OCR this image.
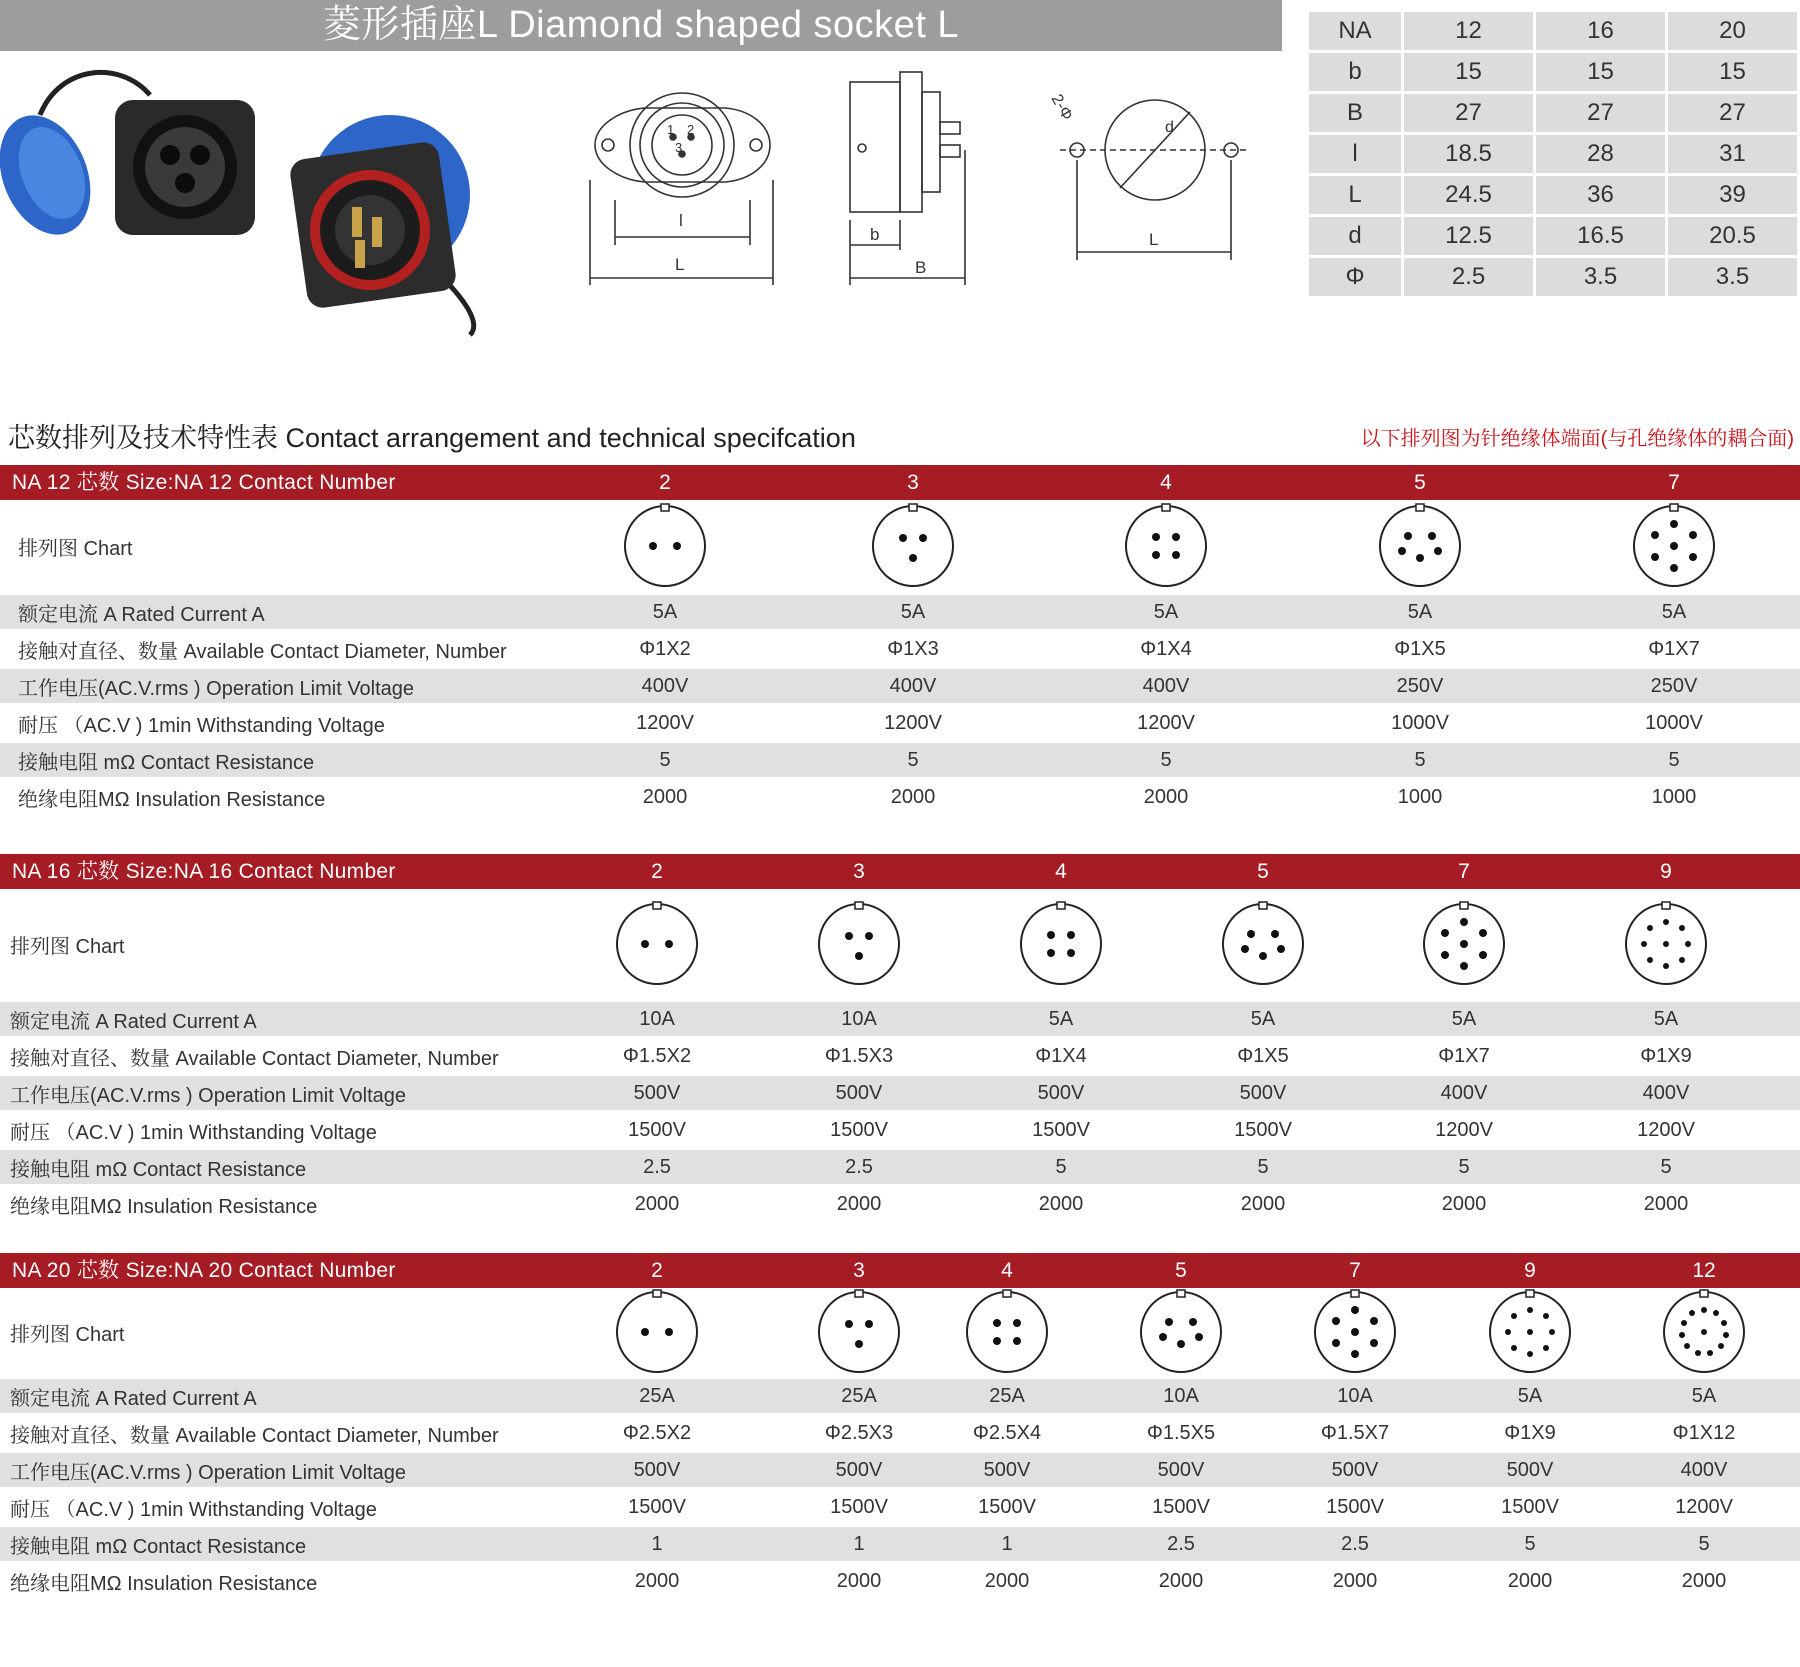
菱形插座L Diamond shaped socket L
l
L
1 2
3
b
B
2-Φ
d
L
NA	12	16	20
b	15	15	15
B	27	27	27
l	18.5	28	31
L	24.5	36	39
d	12.5	16.5	20.5
Φ	2.5	3.5	3.5
芯数排列及技术特性表 Contact arrangement and technical specifcation	以下排列图为针绝缘体端面(与孔绝缘体的耦合面)
NA 12 芯数 Size:NA 12 Contact Number	2	3	4	5	7
排列图 Chart
额定电流 A Rated Current A	5A	5A	5A	5A	5A
接触对直径、数量 Available Contact Diameter, Number	Φ1X2	Φ1X3	Φ1X4	Φ1X5	Φ1X7
工作电压(AC.V.rms ) Operation Limit Voltage	400V	400V	400V	250V	250V
耐压 （AC.V ) 1min Withstanding Voltage	1200V	1200V	1200V	1000V	1000V
接触电阻 mΩ Contact Resistance	5	5	5	5	5
绝缘电阻MΩ Insulation Resistance	2000	2000	2000	1000	1000
NA 16 芯数 Size:NA 16 Contact Number	2	3	4	5	7	9
排列图 Chart
额定电流 A Rated Current A	10A	10A	5A	5A	5A	5A
接触对直径、数量 Available Contact Diameter, Number	Φ1.5X2	Φ1.5X3	Φ1X4	Φ1X5	Φ1X7	Φ1X9
工作电压(AC.V.rms ) Operation Limit Voltage	500V	500V	500V	500V	400V	400V
耐压 （AC.V ) 1min Withstanding Voltage	1500V	1500V	1500V	1500V	1200V	1200V
接触电阻 mΩ Contact Resistance	2.5	2.5	5	5	5	5
绝缘电阻MΩ Insulation Resistance	2000	2000	2000	2000	2000	2000
NA 20 芯数 Size:NA 20 Contact Number	2	3	4	5	7	9	12
排列图 Chart
额定电流 A Rated Current A	25A	25A	25A	10A	10A	5A	5A
接触对直径、数量 Available Contact Diameter, Number	Φ2.5X2	Φ2.5X3	Φ2.5X4	Φ1.5X5	Φ1.5X7	Φ1X9	Φ1X12
工作电压(AC.V.rms ) Operation Limit Voltage	500V	500V	500V	500V	500V	500V	400V
耐压 （AC.V ) 1min Withstanding Voltage	1500V	1500V	1500V	1500V	1500V	1500V	1200V
接触电阻 mΩ Contact Resistance	1	1	1	2.5	2.5	5	5
绝缘电阻MΩ Insulation Resistance	2000	2000	2000	2000	2000	2000	2000
